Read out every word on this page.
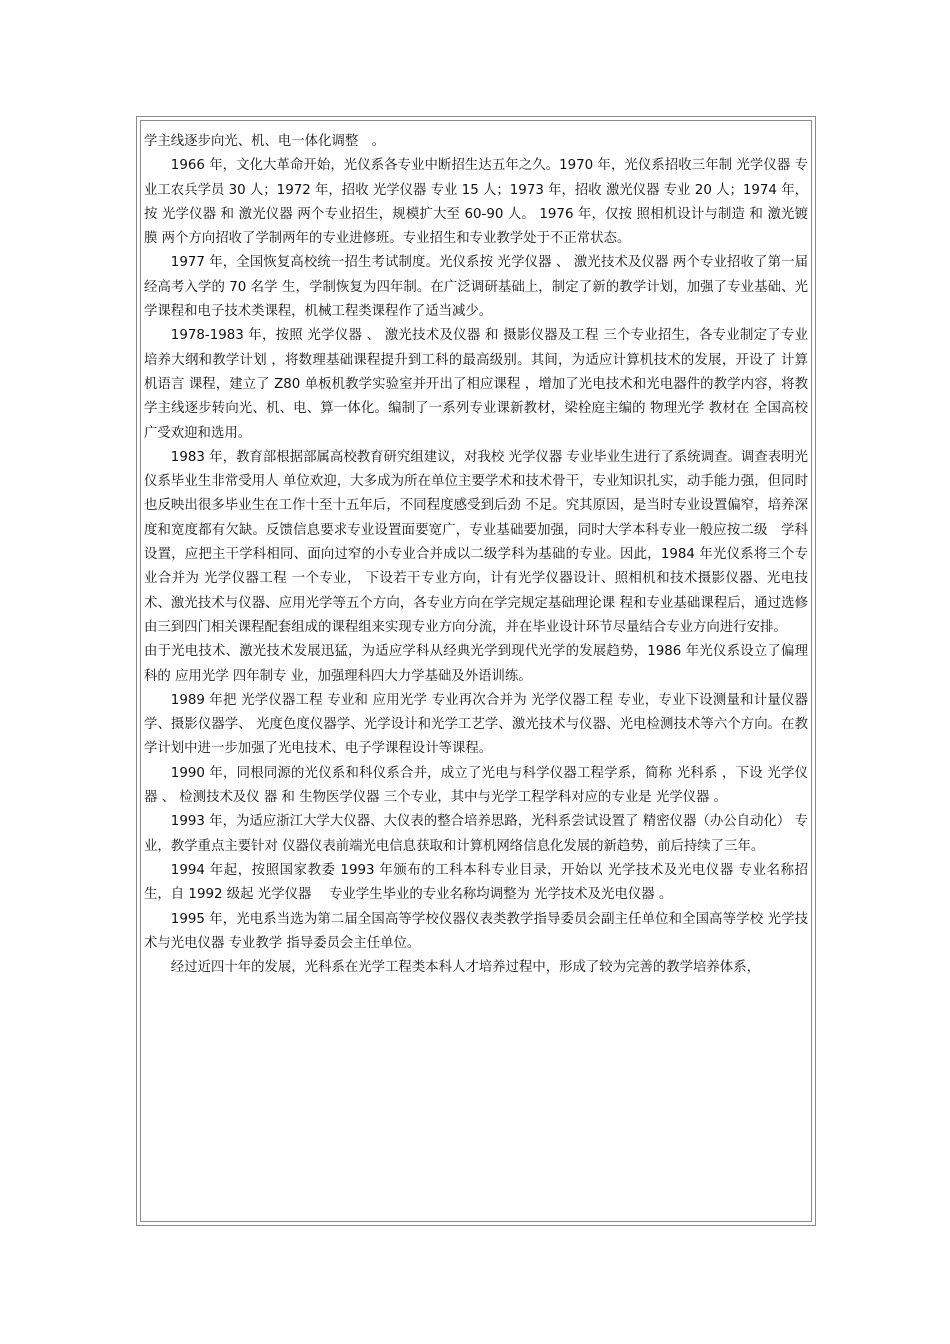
学主线逐步向光、机、电一体化调整　。

1966 年，文化大革命开始，光仪系各专业中断招生达五年之久。1970 年，光仪系招收三年制 光学仪器 专业工农兵学员 30 人；1972 年，招收 光学仪器 专业 15 人；1973 年，招收 激光仪器 专业 20 人；1974 年，按 光学仪器 和 激光仪器 两个专业招生，规模扩大至 60-90 人。 1976 年，仅按 照相机设计与制造 和 激光镀膜 两个方向招收了学制两年的专业进修班。专业招生和专业教学处于不正常状态。

1977 年，全国恢复高校统一招生考试制度。光仪系按 光学仪器 、 激光技术及仪器 两个专业招收了第一届经高考入学的 70 名学 生，学制恢复为四年制。在广泛调研基础上，制定了新的教学计划，加强了专业基础、光学课程和电子技术类课程，机械工程类课程作了适当减少。

1978-1983 年，按照 光学仪器 、 激光技术及仪器 和 摄影仪器及工程 三个专业招生，各专业制定了专业培养大纲和教学计划 ，将数理基础课程提升到工科的最高级别。其间，为适应计算机技术的发展，开设了 计算机语言 课程，建立了 Z80 单板机教学实验室并开出了相应课程 ，增加了光电技术和光电器件的教学内容，将教学主线逐步转向光、机、电、算一体化。编制了一系列专业课新教材，梁栓庭主编的 物理光学 教材在 全国高校广受欢迎和选用。

1983 年，教育部根据部属高校教育研究组建议，对我校 光学仪器 专业毕业生进行了系统调查。调查表明光仪系毕业生非常受用人 单位欢迎，大多成为所在单位主要学术和技术骨干，专业知识扎实，动手能力强，但同时也反映出很多毕业生在工作十至十五年后，不同程度感受到后劲 不足。究其原因，是当时专业设置偏窄，培养深度和宽度都有欠缺。反馈信息要求专业设置面要宽广，专业基础要加强，同时大学本科专业一般应按二级　学科设置，应把主干学科相同、面向过窄的小专业合并成以二级学科为基础的专业。因此，1984 年光仪系将三个专业合并为 光学仪器工程 一个专业， 下设若干专业方向，计有光学仪器设计、照相机和技术摄影仪器、光电技术、激光技术与仪器、应用光学等五个方向，各专业方向在学完规定基础理论课 程和专业基础课程后，通过选修由三到四门相关课程配套组成的课程组来实现专业方向分流，并在毕业设计环节尽量结合专业方向进行安排。

由于光电技术、激光技术发展迅猛，为适应学科从经典光学到现代光学的发展趋势，1986 年光仪系设立了偏理科的 应用光学 四年制专 业，加强理科四大力学基础及外语训练。

1989 年把 光学仪器工程 专业和 应用光学 专业再次合并为 光学仪器工程 专业，专业下设测量和计量仪器学、摄影仪器学、 光度色度仪器学、光学设计和光学工艺学、激光技术与仪器、光电检测技术等六个方向。在教学计划中进一步加强了光电技术、电子学课程设计等课程。

1990 年，同根同源的光仪系和科仪系合并，成立了光电与科学仪器工程学系，简称 光科系 ，下设 光学仪器 、 检测技术及仪 器 和 生物医学仪器 三个专业，其中与光学工程学科对应的专业是 光学仪器 。

1993 年，为适应浙江大学大仪器、大仪表的整合培养思路，光科系尝试设置了 精密仪器（办公自动化） 专业，教学重点主要针对 仪器仪表前端光电信息获取和计算机网络信息化发展的新趋势，前后持续了三年。

1994 年起，按照国家教委 1993 年颁布的工科本科专业目录，开始以 光学技术及光电仪器 专业名称招生，自 1992 级起 光学仪器　 专业学生毕业的专业名称均调整为 光学技术及光电仪器 。

1995 年，光电系当选为第二届全国高等学校仪器仪表类教学指导委员会副主任单位和全国高等学校 光学技术与光电仪器 专业教学 指导委员会主任单位。

经过近四十年的发展，光科系在光学工程类本科人才培养过程中，形成了较为完善的教学培养体系，
